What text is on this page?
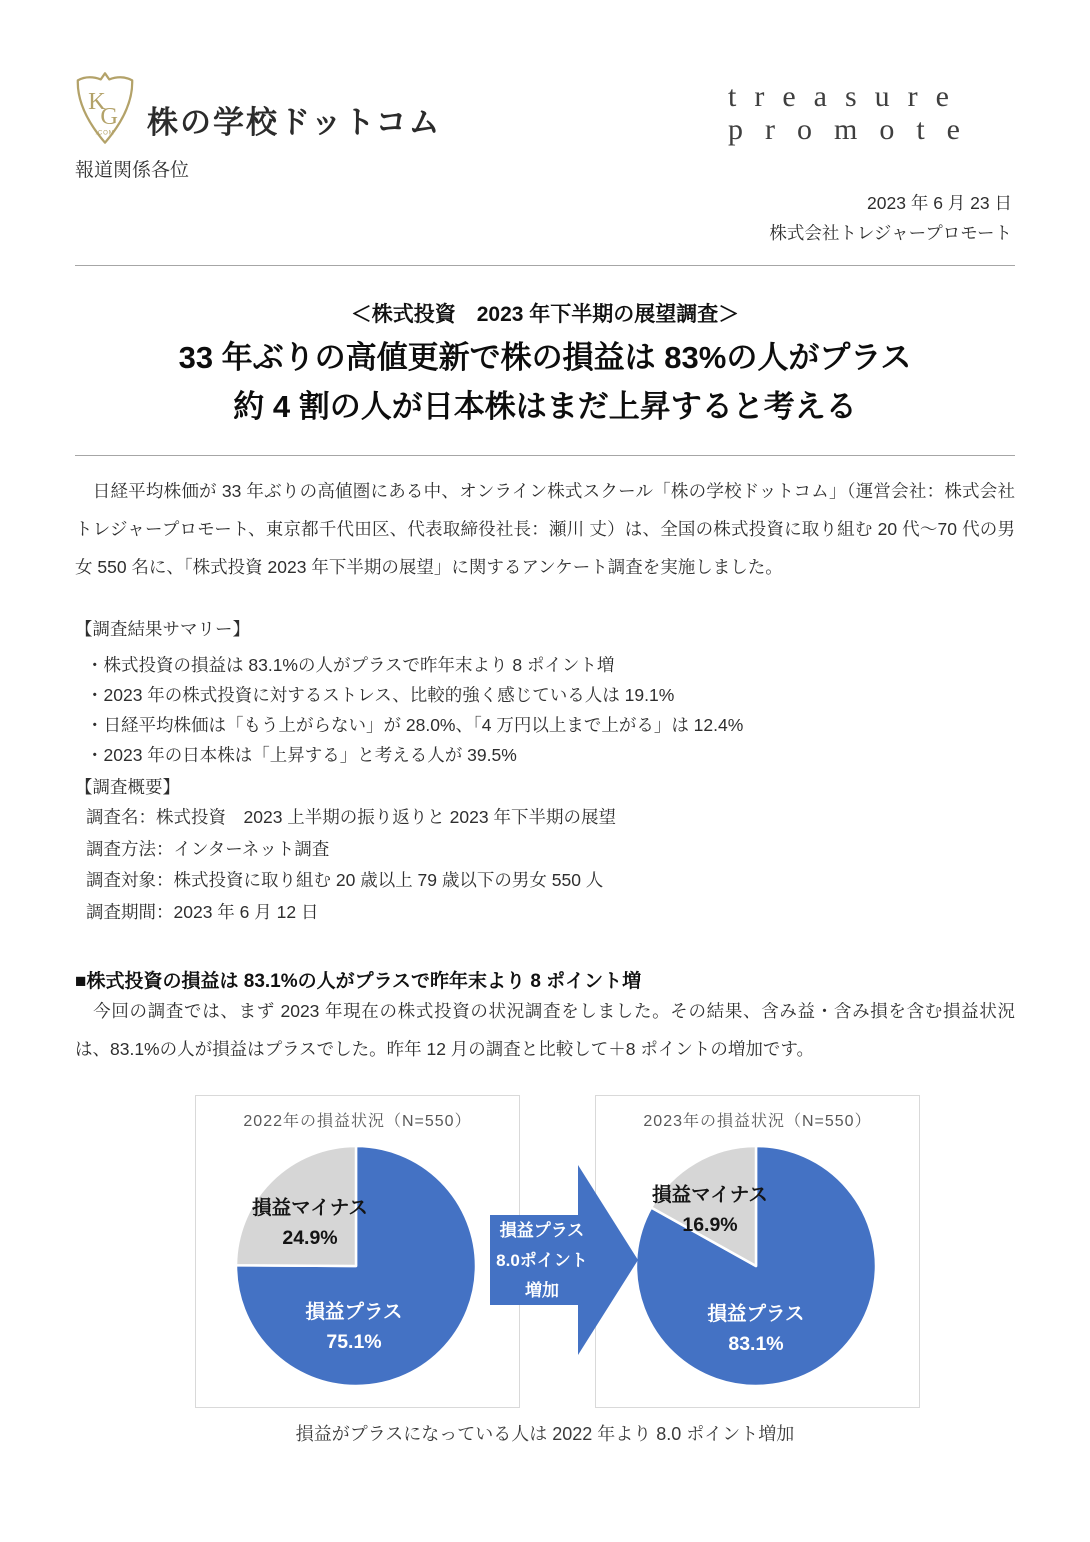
K
G
.COM 株の学校ドットコム
treasure
promote
報道関係各位
2023 年 6 月 23 日
株式会社トレジャープロモート
＜株式投資　2023 年下半期の展望調査＞
33 年ぶりの高値更新で株の損益は 83%の人がプラス
約 4 割の人が日本株はまだ上昇すると考える

　日経平均株価が 33 年ぶりの高値圏にある中、オンライン株式スクール「株の学校ドットコム」（運営会社：株式会社トレジャープロモート、東京都千代田区、代表取締役社長：瀬川 丈）は、全国の株式投資に取り組む 20 代～70 代の男女 550 名に、「株式投資 2023 年下半期の展望」に関するアンケート調査を実施しました。

【調査結果サマリー】
・株式投資の損益は 83.1%の人がプラスで昨年末より 8 ポイント増
・2023 年の株式投資に対するストレス、比較的強く感じている人は 19.1%
・日経平均株価は「もう上がらない」が 28.0%、「4 万円以上まで上がる」は 12.4%
・2023 年の日本株は「上昇する」と考える人が 39.5%
【調査概要】
調査名：株式投資　2023 上半期の振り返りと 2023 年下半期の展望
調査方法：インターネット調査
調査対象：株式投資に取り組む 20 歳以上 79 歳以下の男女 550 人
調査期間：2023 年 6 月 12 日
■株式投資の損益は 83.1%の人がプラスで昨年末より 8 ポイント増

　今回の調査では、まず 2023 年現在の株式投資の状況調査をしました。その結果、含み益・含み損を含む損益状況は、83.1%の人が損益はプラスでした。昨年 12 月の調査と比較して＋8 ポイントの増加です。

2022年の損益状況（N=550）
損益マイナス
24.9%
損益プラス
75.1%
損益プラス
8.0ポイント
増加
2023年の損益状況（N=550）
損益マイナス
16.9%
損益プラス
83.1%
損益がプラスになっている人は 2022 年より 8.0 ポイント増加
